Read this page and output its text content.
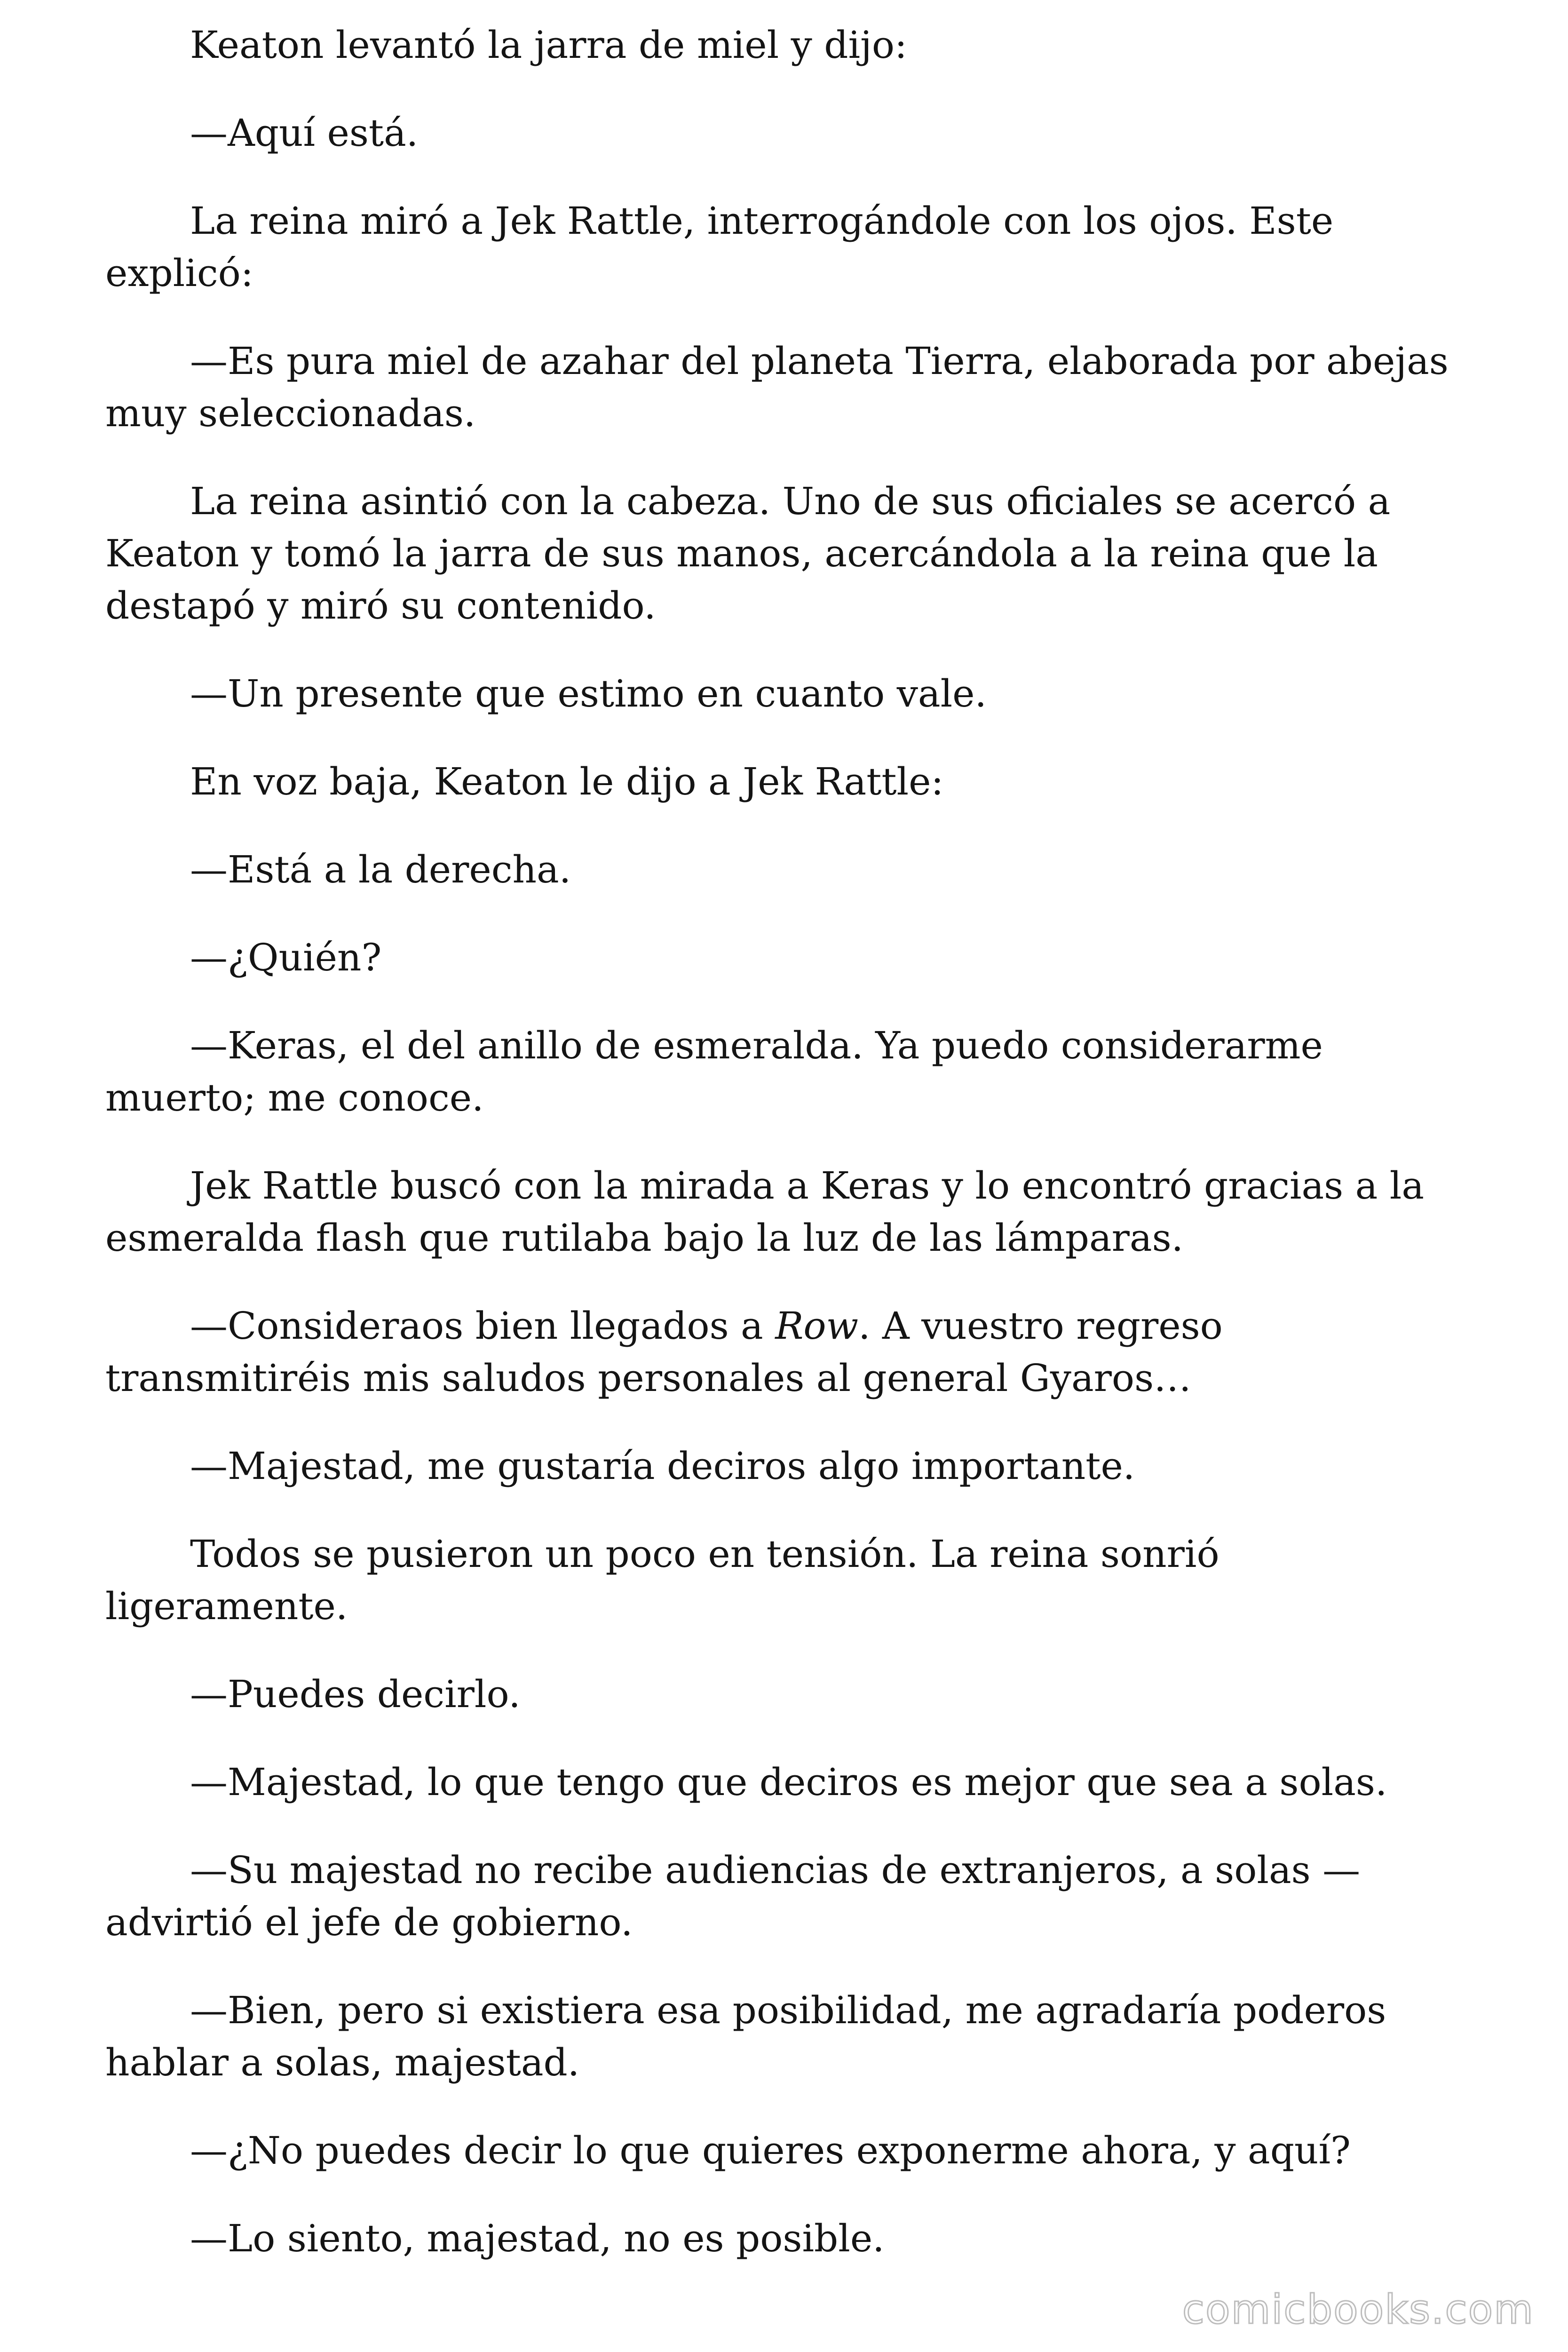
Keaton levantó la jarra de miel y dijo:

—Aquí está.

La reina miró a Jek Rattle, interrogándole con los ojos. Este explicó:

—Es pura miel de azahar del planeta Tierra, elaborada por abejas muy seleccionadas.

La reina asintió con la cabeza. Uno de sus oficiales se acercó a Keaton y tomó la jarra de sus manos, acercándola a la reina que la destapó y miró su contenido.

—Un presente que estimo en cuanto vale.

En voz baja, Keaton le dijo a Jek Rattle:

—Está a la derecha.

—¿Quién?

—Keras, el del anillo de esmeralda. Ya puedo considerarme muerto; me conoce.

Jek Rattle buscó con la mirada a Keras y lo encontró gracias a la esmeralda flash que rutilaba bajo la luz de las lámparas.

—Consideraos bien llegados a Row. A vuestro regreso transmitiréis mis saludos personales al general Gyaros…

—Majestad, me gustaría deciros algo importante.

Todos se pusieron un poco en tensión. La reina sonrió ligeramente.

—Puedes decirlo.

—Majestad, lo que tengo que deciros es mejor que sea a solas.

—Su majestad no recibe audiencias de extranjeros, a solas —advirtió el jefe de gobierno.

—Bien, pero si existiera esa posibilidad, me agradaría poderos hablar a solas, majestad.

—¿No puedes decir lo que quieres exponerme ahora, y aquí?

—Lo siento, majestad, no es posible.

comicbooks.com
